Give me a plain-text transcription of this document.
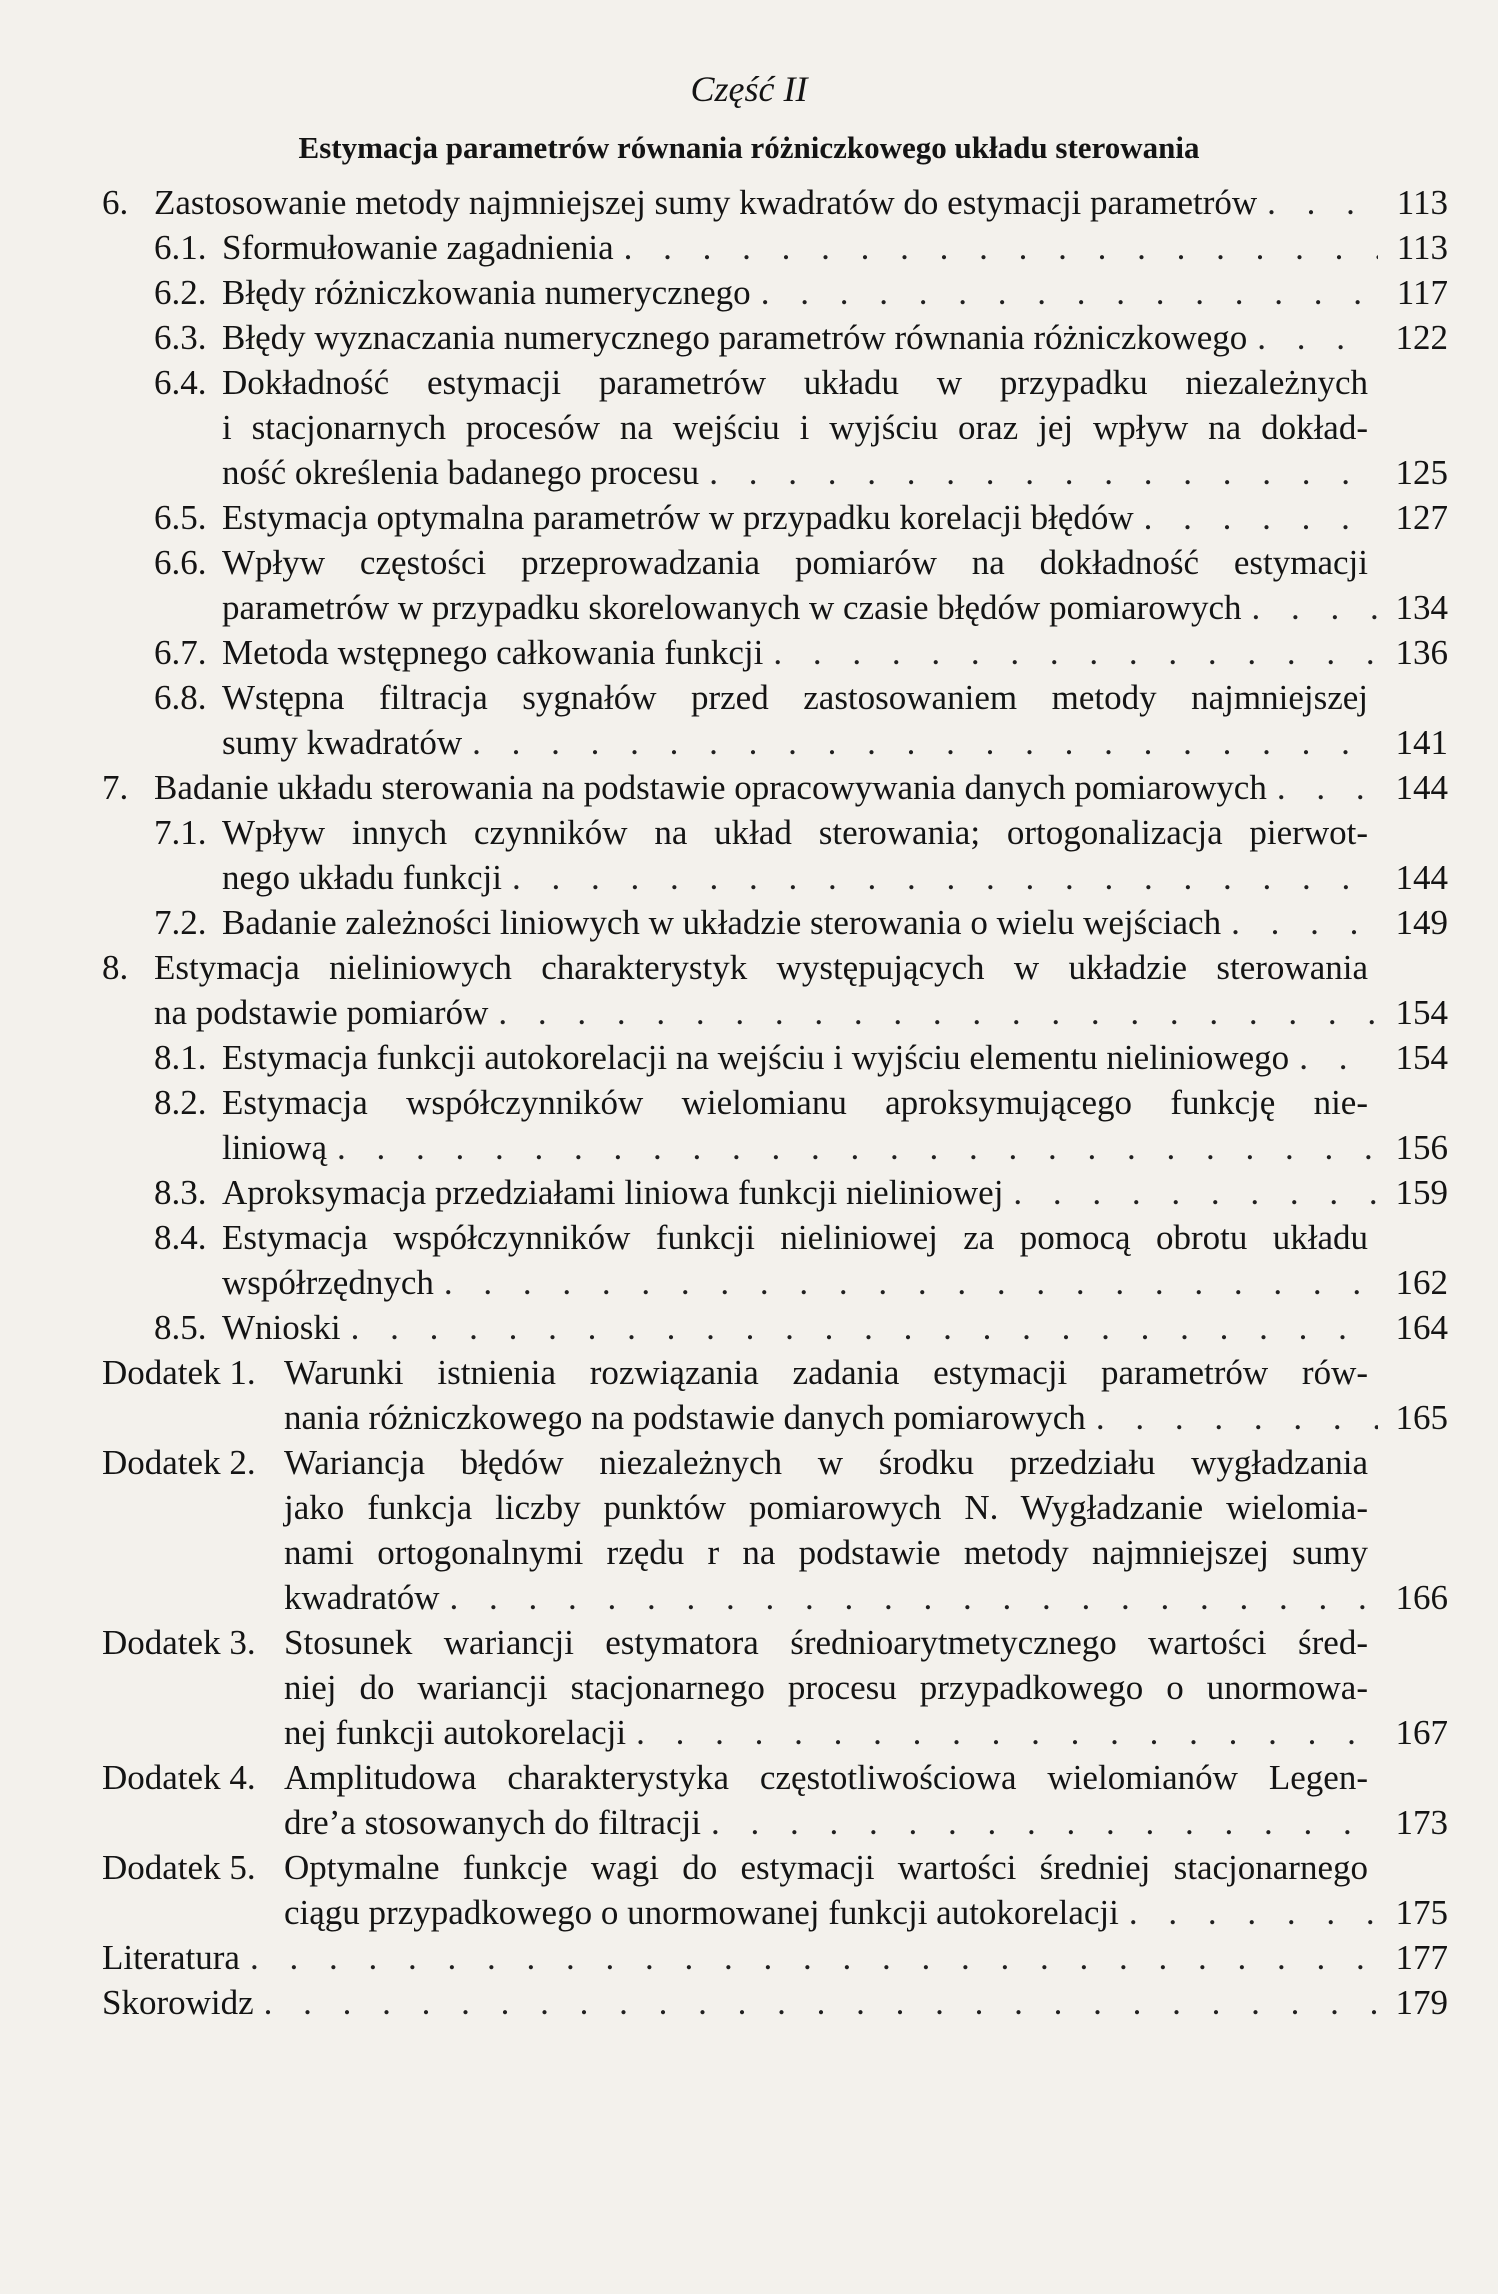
Część II
Estymacja parametrów równania różniczkowego układu sterowania
6. Zastosowanie metody najmniejszej sumy kwadratów do estymacji parametrów . . .	113
6.1. Sformułowanie zagadnienia . . .	113
6.2. Błędy różniczkowania numerycznego . . .	117
6.3. Błędy wyznaczania numerycznego parametrów równania różniczkowego . . .	122
6.4. Dokładność estymacji parametrów układu w przypadku niezależnych
i stacjonarnych procesów na wejściu i wyjściu oraz jej wpływ na dokład-
ność określenia badanego procesu . . .	125
6.5. Estymacja optymalna parametrów w przypadku korelacji błędów . . .	127
6.6. Wpływ częstości przeprowadzania pomiarów na dokładność estymacji
parametrów w przypadku skorelowanych w czasie błędów pomiarowych . . .	134
6.7. Metoda wstępnego całkowania funkcji . . .	136
6.8. Wstępna filtracja sygnałów przed zastosowaniem metody najmniejszej
sumy kwadratów . . .	141
7. Badanie układu sterowania na podstawie opracowywania danych pomiarowych . . .	144
7.1. Wpływ innych czynników na układ sterowania; ortogonalizacja pierwot-
nego układu funkcji . . .	144
7.2. Badanie zależności liniowych w układzie sterowania o wielu wejściach . . .	149
8. Estymacja nieliniowych charakterystyk występujących w układzie sterowania
na podstawie pomiarów . . .	154
8.1. Estymacja funkcji autokorelacji na wejściu i wyjściu elementu nieliniowego . . .	154
8.2. Estymacja współczynników wielomianu aproksymującego funkcję nie-
liniową . . .	156
8.3. Aproksymacja przedziałami liniowa funkcji nieliniowej . . .	159
8.4. Estymacja współczynników funkcji nieliniowej za pomocą obrotu układu
współrzędnych . . .	162
8.5. Wnioski . . .	164
Dodatek 1. Warunki istnienia rozwiązania zadania estymacji parametrów rów-
nania różniczkowego na podstawie danych pomiarowych . . .	165
Dodatek 2. Wariancja błędów niezależnych w środku przedziału wygładzania
jako funkcja liczby punktów pomiarowych N. Wygładzanie wielomia-
nami ortogonalnymi rzędu r na podstawie metody najmniejszej sumy
kwadratów . . .	166
Dodatek 3. Stosunek wariancji estymatora średnioarytmetycznego wartości śred-
niej do wariancji stacjonarnego procesu przypadkowego o unormowa-
nej funkcji autokorelacji . . .	167
Dodatek 4. Amplitudowa charakterystyka częstotliwościowa wielomianów Legen-
dre’a stosowanych do filtracji . . .	173
Dodatek 5. Optymalne funkcje wagi do estymacji wartości średniej stacjonarnego
ciągu przypadkowego o unormowanej funkcji autokorelacji . . .	175
Literatura . . .	177
Skorowidz . . .	179
